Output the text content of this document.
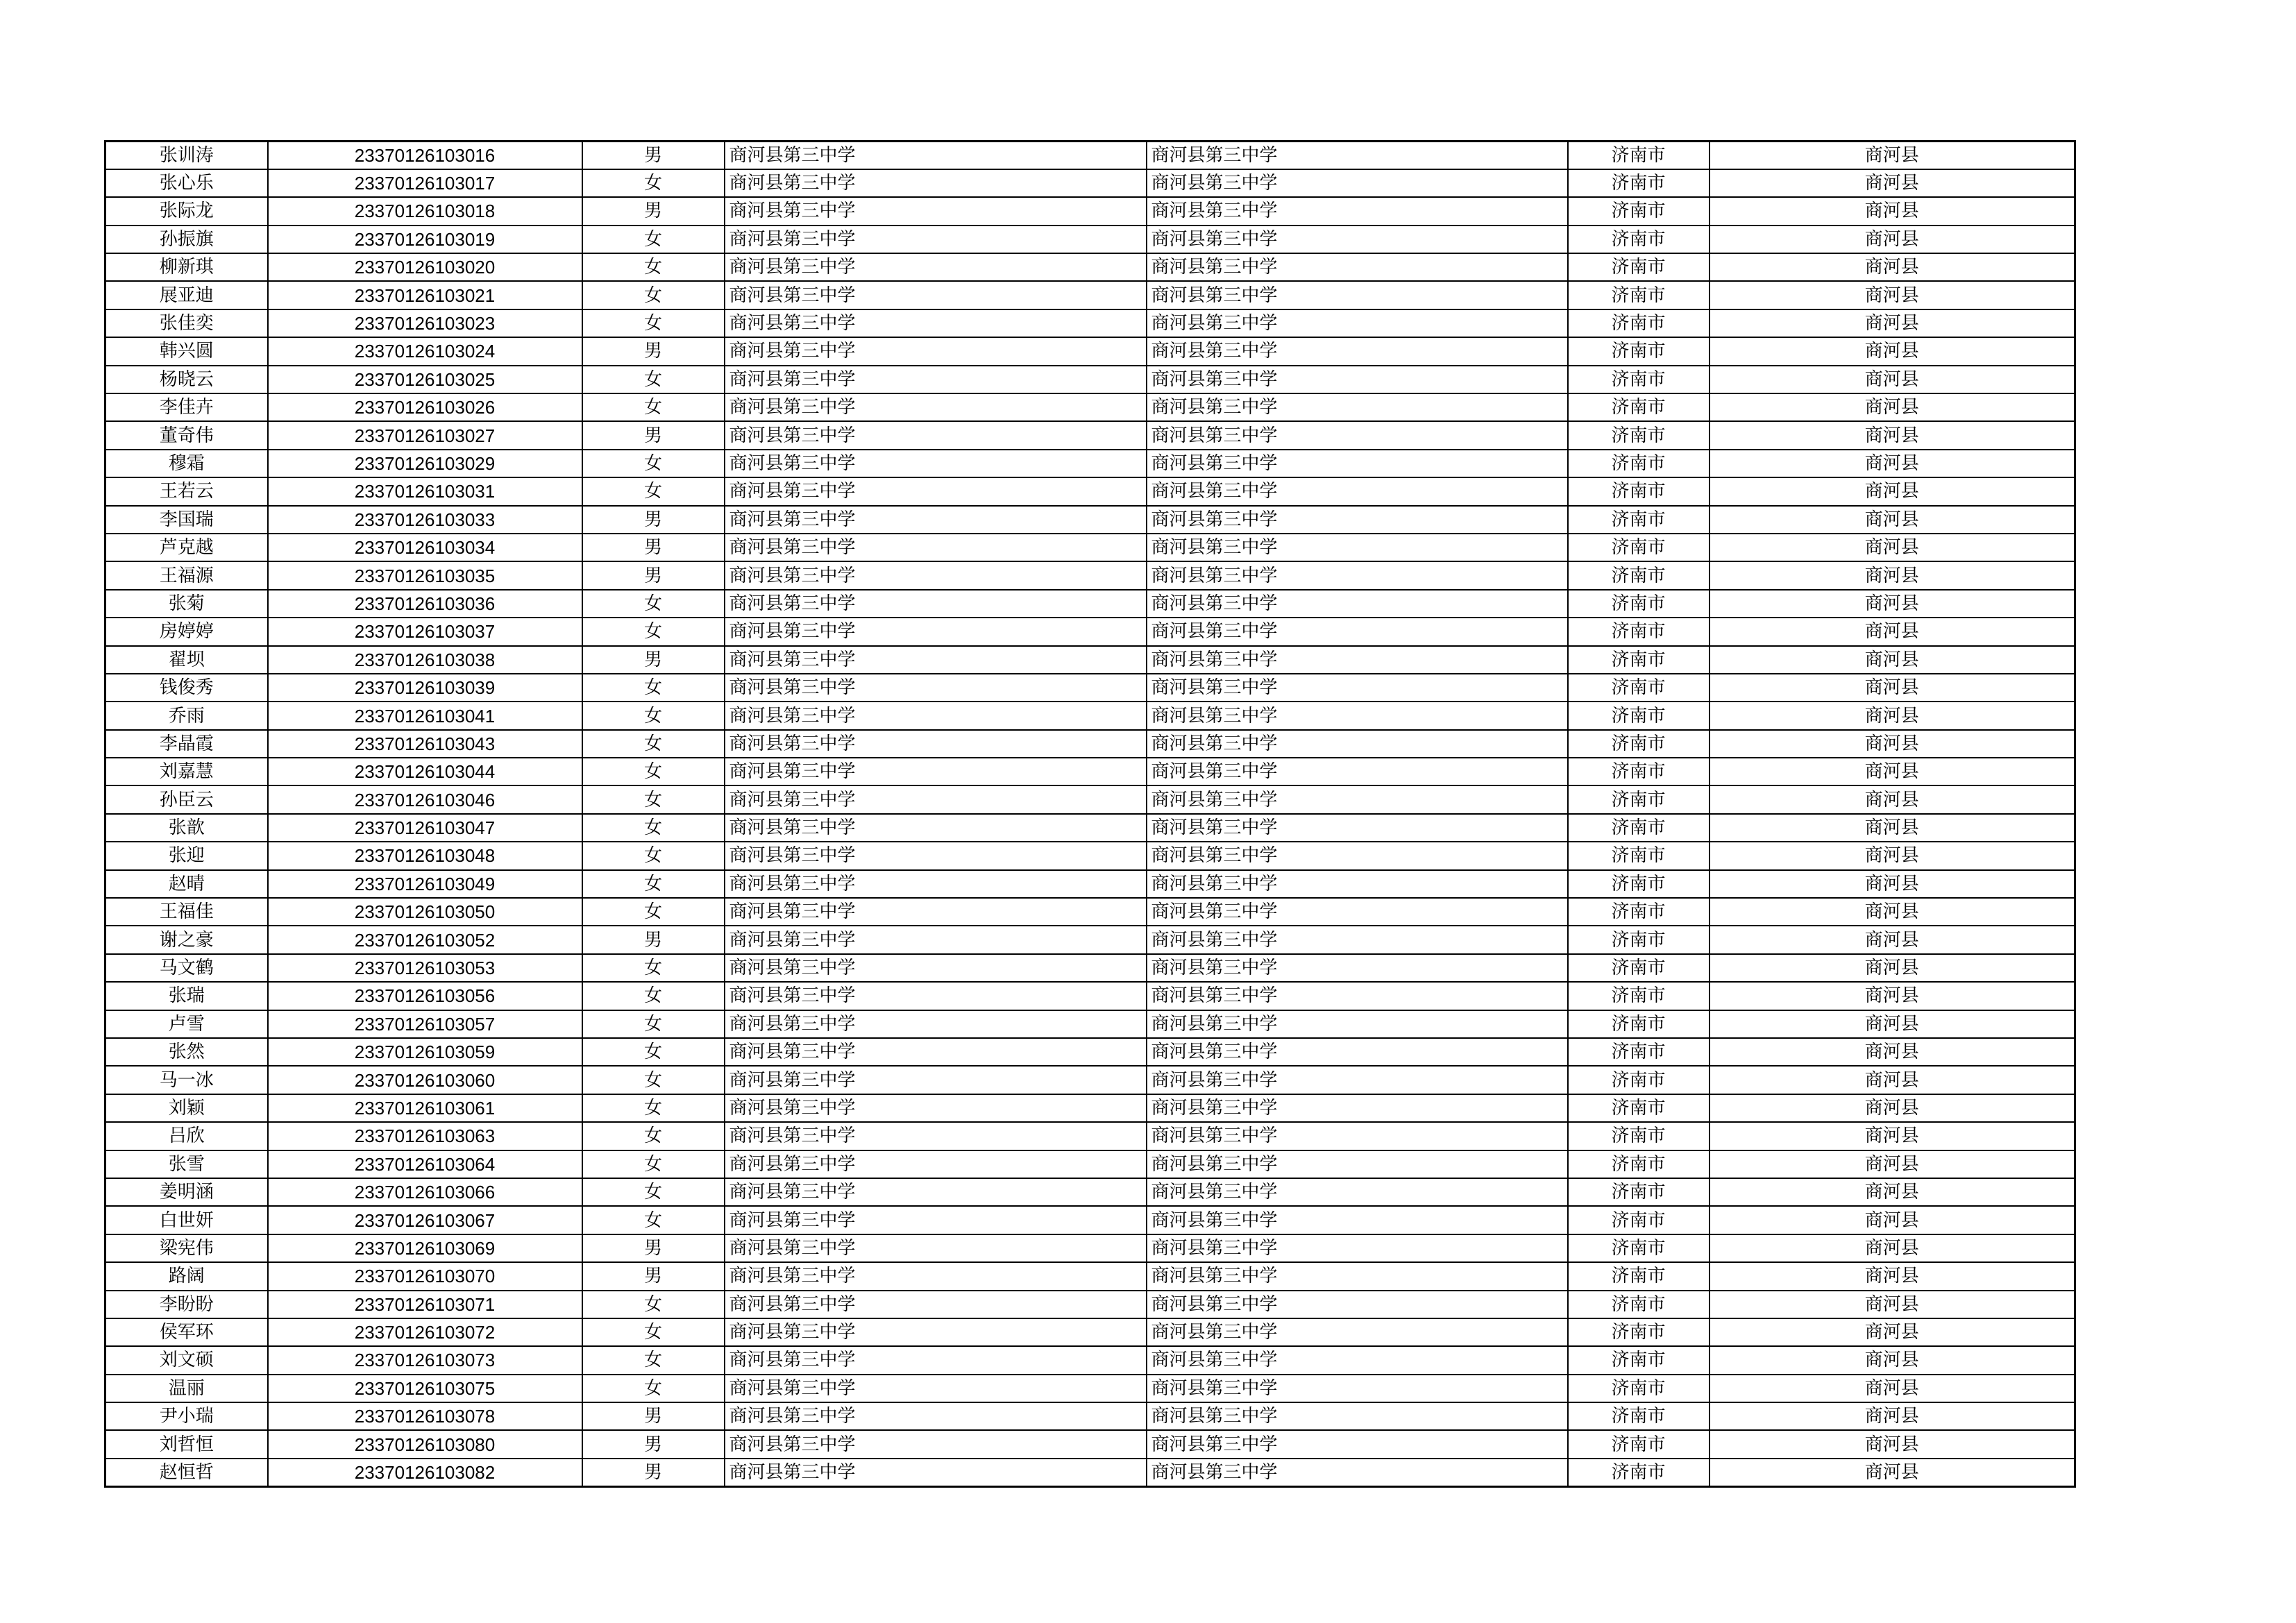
张训涛	23370126103016	男	商河县第三中学	商河县第三中学	济南市	商河县
张心乐	23370126103017	女	商河县第三中学	商河县第三中学	济南市	商河县
张际龙	23370126103018	男	商河县第三中学	商河县第三中学	济南市	商河县
孙振旗	23370126103019	女	商河县第三中学	商河县第三中学	济南市	商河县
柳新琪	23370126103020	女	商河县第三中学	商河县第三中学	济南市	商河县
展亚迪	23370126103021	女	商河县第三中学	商河县第三中学	济南市	商河县
张佳奕	23370126103023	女	商河县第三中学	商河县第三中学	济南市	商河县
韩兴圆	23370126103024	男	商河县第三中学	商河县第三中学	济南市	商河县
杨晓云	23370126103025	女	商河县第三中学	商河县第三中学	济南市	商河县
李佳卉	23370126103026	女	商河县第三中学	商河县第三中学	济南市	商河县
董奇伟	23370126103027	男	商河县第三中学	商河县第三中学	济南市	商河县
穆霜	23370126103029	女	商河县第三中学	商河县第三中学	济南市	商河县
王若云	23370126103031	女	商河县第三中学	商河县第三中学	济南市	商河县
李国瑞	23370126103033	男	商河县第三中学	商河县第三中学	济南市	商河县
芦克越	23370126103034	男	商河县第三中学	商河县第三中学	济南市	商河县
王福源	23370126103035	男	商河县第三中学	商河县第三中学	济南市	商河县
张菊	23370126103036	女	商河县第三中学	商河县第三中学	济南市	商河县
房婷婷	23370126103037	女	商河县第三中学	商河县第三中学	济南市	商河县
翟坝	23370126103038	男	商河县第三中学	商河县第三中学	济南市	商河县
钱俊秀	23370126103039	女	商河县第三中学	商河县第三中学	济南市	商河县
乔雨	23370126103041	女	商河县第三中学	商河县第三中学	济南市	商河县
李晶霞	23370126103043	女	商河县第三中学	商河县第三中学	济南市	商河县
刘嘉慧	23370126103044	女	商河县第三中学	商河县第三中学	济南市	商河县
孙臣云	23370126103046	女	商河县第三中学	商河县第三中学	济南市	商河县
张歆	23370126103047	女	商河县第三中学	商河县第三中学	济南市	商河县
张迎	23370126103048	女	商河县第三中学	商河县第三中学	济南市	商河县
赵晴	23370126103049	女	商河县第三中学	商河县第三中学	济南市	商河县
王福佳	23370126103050	女	商河县第三中学	商河县第三中学	济南市	商河县
谢之豪	23370126103052	男	商河县第三中学	商河县第三中学	济南市	商河县
马文鹤	23370126103053	女	商河县第三中学	商河县第三中学	济南市	商河县
张瑞	23370126103056	女	商河县第三中学	商河县第三中学	济南市	商河县
卢雪	23370126103057	女	商河县第三中学	商河县第三中学	济南市	商河县
张然	23370126103059	女	商河县第三中学	商河县第三中学	济南市	商河县
马一冰	23370126103060	女	商河县第三中学	商河县第三中学	济南市	商河县
刘颖	23370126103061	女	商河县第三中学	商河县第三中学	济南市	商河县
吕欣	23370126103063	女	商河县第三中学	商河县第三中学	济南市	商河县
张雪	23370126103064	女	商河县第三中学	商河县第三中学	济南市	商河县
姜明涵	23370126103066	女	商河县第三中学	商河县第三中学	济南市	商河县
白世妍	23370126103067	女	商河县第三中学	商河县第三中学	济南市	商河县
梁宪伟	23370126103069	男	商河县第三中学	商河县第三中学	济南市	商河县
路阔	23370126103070	男	商河县第三中学	商河县第三中学	济南市	商河县
李盼盼	23370126103071	女	商河县第三中学	商河县第三中学	济南市	商河县
侯军环	23370126103072	女	商河县第三中学	商河县第三中学	济南市	商河县
刘文硕	23370126103073	女	商河县第三中学	商河县第三中学	济南市	商河县
温丽	23370126103075	女	商河县第三中学	商河县第三中学	济南市	商河县
尹小瑞	23370126103078	男	商河县第三中学	商河县第三中学	济南市	商河县
刘哲恒	23370126103080	男	商河县第三中学	商河县第三中学	济南市	商河县
赵恒哲	23370126103082	男	商河县第三中学	商河县第三中学	济南市	商河县
